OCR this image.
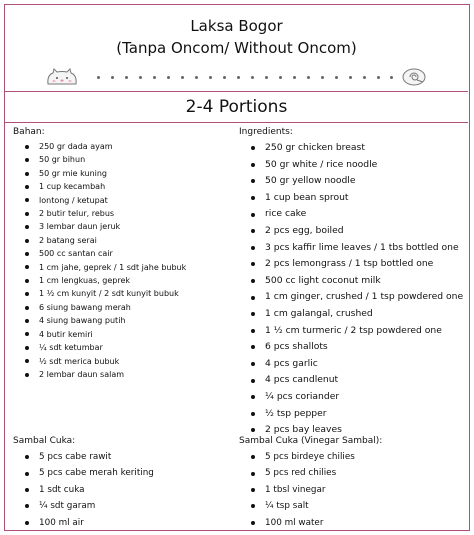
Laksa Bogor
(Tanpa Oncom/ Without Oncom)
2-4 Portions
Bahan:
250 gr dada ayam
50 gr bihun
50 gr mie kuning
1 cup kecambah
lontong / ketupat
2 butir telur, rebus
3 lembar daun jeruk
2 batang serai
500 cc santan cair
1 cm jahe, geprek / 1 sdt jahe bubuk
1 cm lengkuas, geprek
1 ½ cm kunyit / 2 sdt kunyit bubuk
6 siung bawang merah
4 siung bawang putih
4 butir kemiri
¼ sdt ketumbar
½ sdt merica bubuk
2 lembar daun salam
Ingredients:
250 gr chicken breast
50 gr white / rice noodle
50 gr yellow noodle
1 cup bean sprout
rice cake
2 pcs egg, boiled
3 pcs kaffir lime leaves / 1 tbs bottled one
2 pcs lemongrass / 1 tsp bottled one
500 cc light coconut milk
1 cm ginger, crushed / 1 tsp powdered one
1 cm galangal, crushed
1 ½ cm turmeric / 2 tsp powdered one
6 pcs shallots
4 pcs garlic
4 pcs candlenut
¼ pcs coriander
½ tsp pepper
2 pcs bay leaves
Sambal Cuka:
5 pcs cabe rawit
5 pcs cabe merah keriting
1 sdt cuka
¼ sdt garam
100 ml air
Sambal Cuka (Vinegar Sambal):
5 pcs birdeye chilies
5 pcs red chilies
1 tbsl vinegar
¼ tsp salt
100 ml water
